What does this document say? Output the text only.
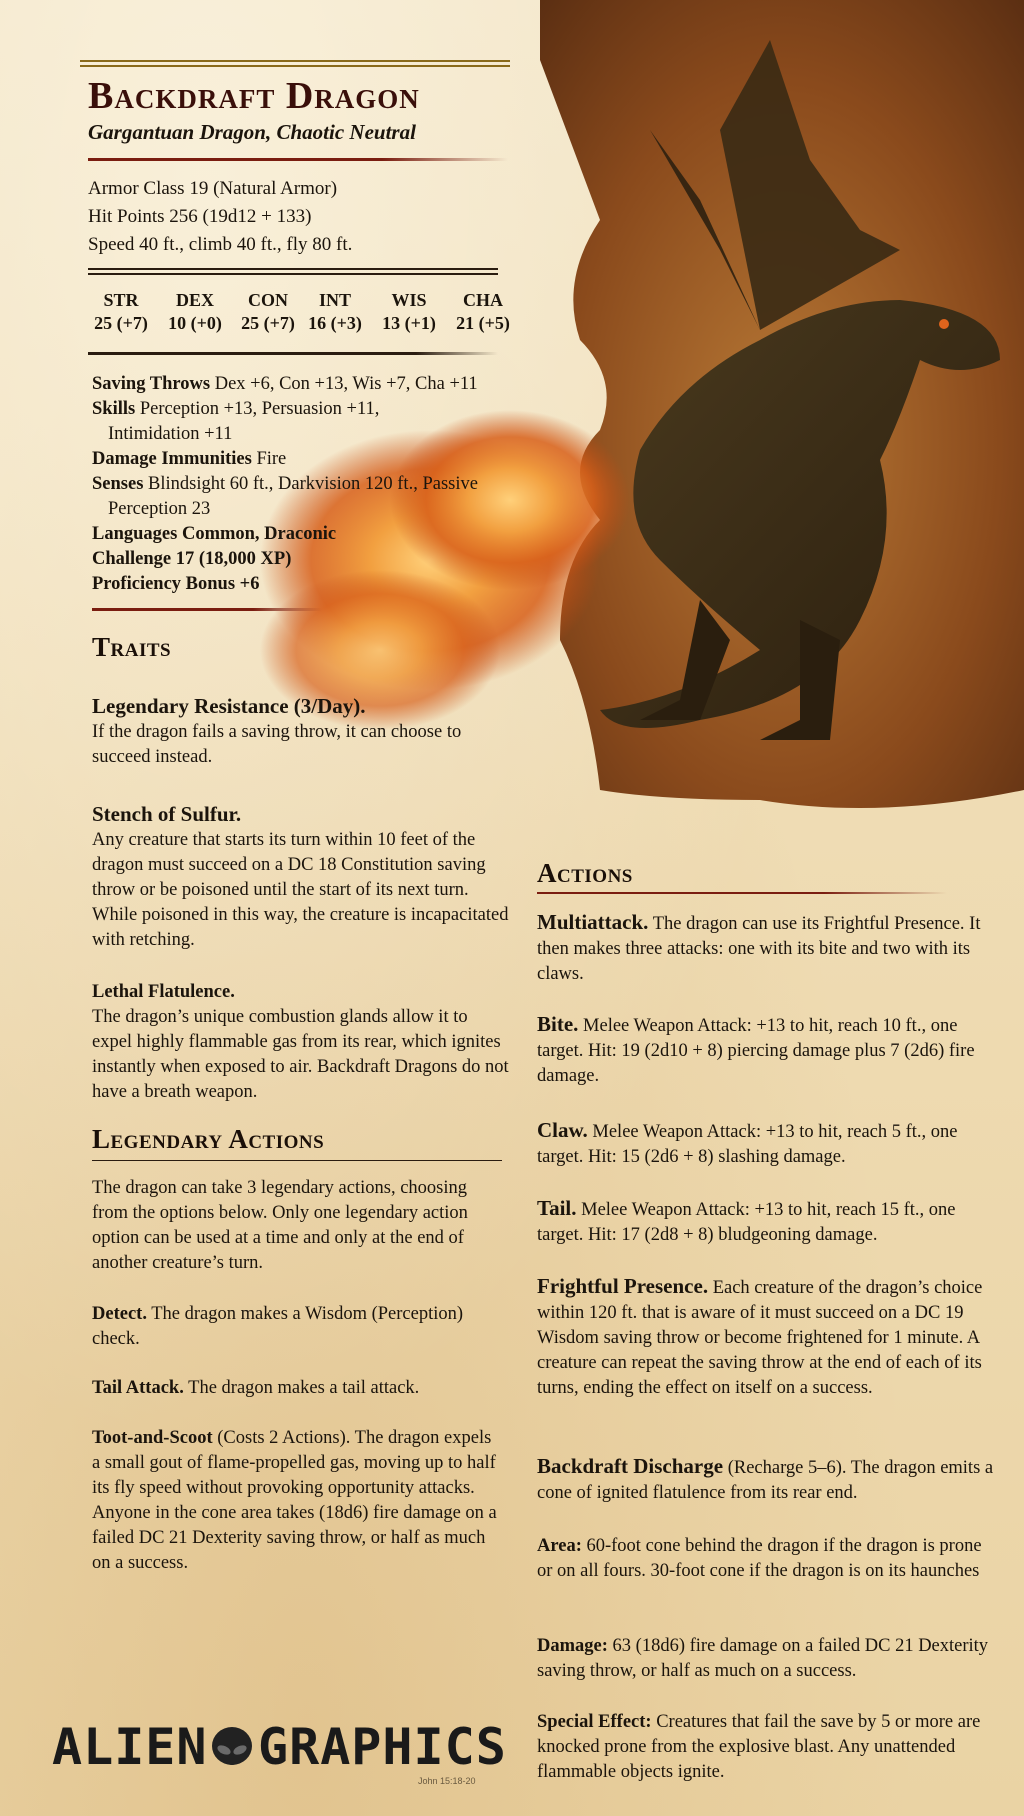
Backdraft Dragon
Gargantuan Dragon, Chaotic Neutral
Armor Class 19 (Natural Armor)
Hit Points 256 (19d12 + 133)
Speed 40 ft., climb 40 ft., fly 80 ft.
STR
25 (+7)
DEX
10 (+0)
CON
25 (+7)
INT
16 (+3)
WIS
13 (+1)
CHA
21 (+5)
Saving Throws Dex +6, Con +13, Wis +7, Cha +11
Skills Perception +13, Persuasion +11, Intimidation +11
Damage Immunities Fire
Senses Blindsight 60 ft., Darkvision 120 ft., Passive Perception 23
Languages Common, Draconic
Challenge 17 (18,000 XP)
Proficiency Bonus +6
Traits
Legendary Resistance (3/Day).
If the dragon fails a saving throw, it can choose to succeed instead.
Stench of Sulfur.
Any creature that starts its turn within 10 feet of the dragon must succeed on a DC 18 Constitution saving throw or be poisoned until the start of its next turn. While poisoned in this way, the creature is incapacitated with retching.
Lethal Flatulence.
The dragon’s unique combustion glands allow it to expel highly flammable gas from its rear, which ignites instantly when exposed to air. Backdraft Dragons do not have a breath weapon.
Legendary Actions
The dragon can take 3 legendary actions, choosing from the options below. Only one legendary action option can be used at a time and only at the end of another creature’s turn.
Detect. The dragon makes a Wisdom (Perception) check.
Tail Attack. The dragon makes a tail attack.
Toot-and-Scoot (Costs 2 Actions). The dragon expels a small gout of flame-propelled gas, moving up to half its fly speed without provoking opportunity attacks. Anyone in the cone area takes (18d6) fire damage on a failed DC 21 Dexterity saving throw, or half as much on a success.
Actions
Multiattack. The dragon can use its Frightful Presence. It then makes three attacks: one with its bite and two with its claws.
Bite. Melee Weapon Attack: +13 to hit, reach 10 ft., one target. Hit: 19 (2d10 + 8) piercing damage plus 7 (2d6) fire damage.
Claw. Melee Weapon Attack: +13 to hit, reach 5 ft., one target. Hit: 15 (2d6 + 8) slashing damage.
Tail. Melee Weapon Attack: +13 to hit, reach 15 ft., one target. Hit: 17 (2d8 + 8) bludgeoning damage.
Frightful Presence. Each creature of the dragon’s choice within 120 ft. that is aware of it must succeed on a DC 19 Wisdom saving throw or become frightened for 1 minute. A creature can repeat the saving throw at the end of each of its turns, ending the effect on itself on a success.
Backdraft Discharge (Recharge 5–6). The dragon emits a cone of ignited flatulence from its rear end.
Area: 60-foot cone behind the dragon if the dragon is prone or on all fours. 30-foot cone if the dragon is on its haunches
Damage: 63 (18d6) fire damage on a failed DC 21 Dexterity saving throw, or half as much on a success.
Special Effect: Creatures that fail the save by 5 or more are knocked prone from the explosive blast. Any unattended flammable objects ignite.
ALIEN GRAPHICS
John 15:18-20
